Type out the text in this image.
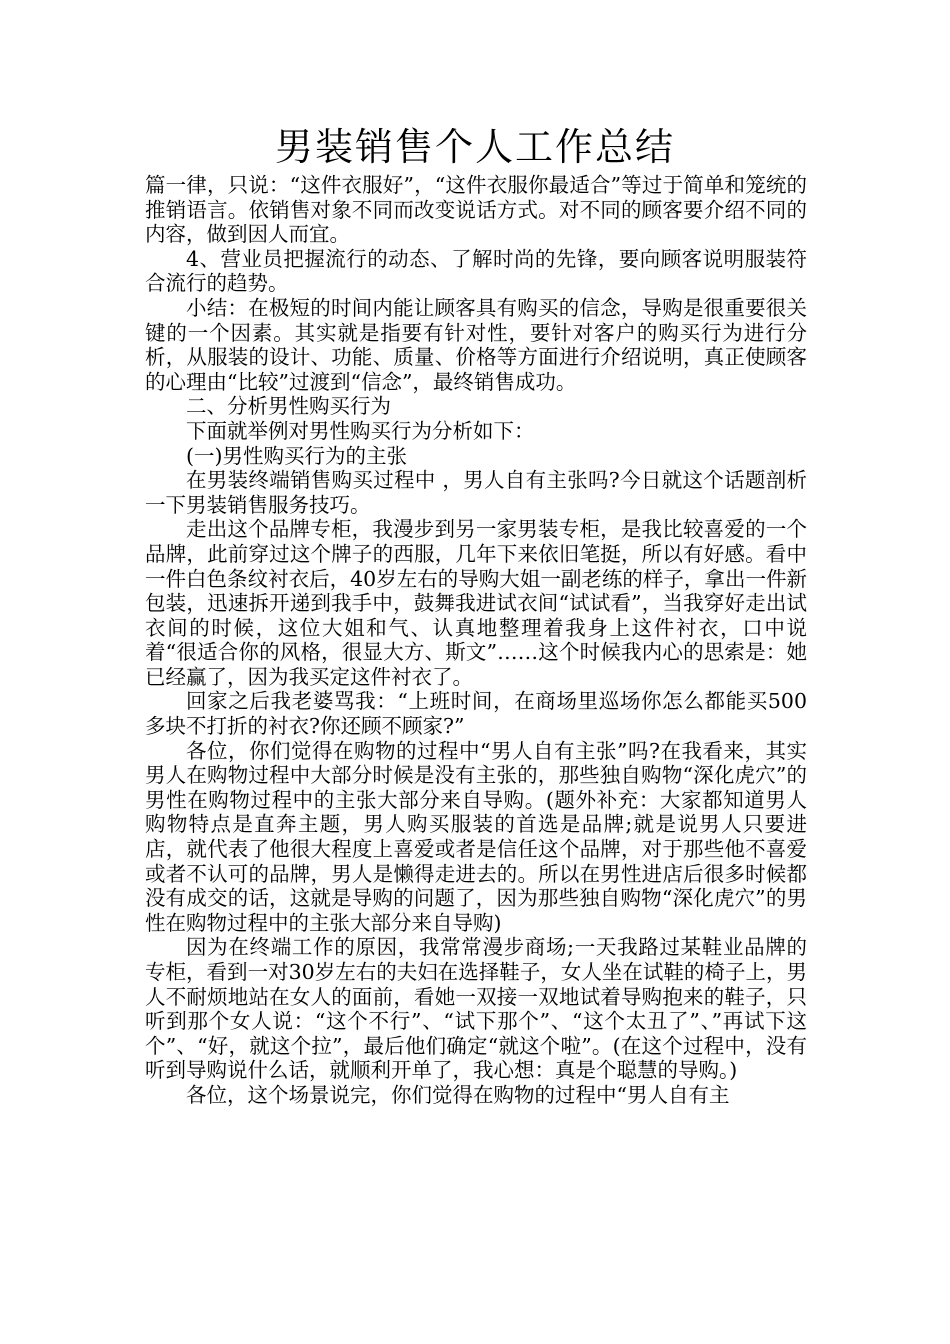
男装销售个人工作总结

篇一律，只说：“这件衣服好”，“这件衣服你最适合”等过于简单和笼统的推销语言。依销售对象不同而改变说话方式。对不同的顾客要介绍不同的内容，做到因人而宜。

4、营业员把握流行的动态、了解时尚的先锋，要向顾客说明服装符合流行的趋势。

小结：在极短的时间内能让顾客具有购买的信念，导购是很重要很关键的一个因素。其实就是指要有针对性，要针对客户的购买行为进行分析，从服装的设计、功能、质量、价格等方面进行介绍说明，真正使顾客的心理由“比较”过渡到“信念”，最终销售成功。

二、分析男性购买行为

下面就举例对男性购买行为分析如下：

(一)男性购买行为的主张

在男装终端销售购买过程中 ，男人自有主张吗?今日就这个话题剖析一下男装销售服务技巧。

走出这个品牌专柜，我漫步到另一家男装专柜，是我比较喜爱的一个品牌，此前穿过这个牌子的西服，几年下来依旧笔挺，所以有好感。看中一件白色条纹衬衣后，40岁左右的导购大姐一副老练的样子，拿出一件新包装，迅速拆开递到我手中，鼓舞我进试衣间“试试看”，当我穿好走出试衣间的时候，这位大姐和气、认真地整理着我身上这件衬衣，口中说着“很适合你的风格，很显大方、斯文”……这个时候我内心的思索是：她已经赢了，因为我买定这件衬衣了。

回家之后我老婆骂我：“上班时间，在商场里巡场你怎么都能买500多块不打折的衬衣?你还顾不顾家?”

各位，你们觉得在购物的过程中“男人自有主张”吗?在我看来，其实男人在购物过程中大部分时候是没有主张的，那些独自购物“深化虎穴”的男性在购物过程中的主张大部分来自导购。(题外补充：大家都知道男人购物特点是直奔主题，男人购买服装的首选是品牌;就是说男人只要进店，就代表了他很大程度上喜爱或者是信任这个品牌，对于那些他不喜爱或者不认可的品牌，男人是懒得走进去的。所以在男性进店后很多时候都没有成交的话，这就是导购的问题了，因为那些独自购物“深化虎穴”的男性在购物过程中的主张大部分来自导购)

因为在终端工作的原因，我常常漫步商场;一天我路过某鞋业品牌的专柜，看到一对30岁左右的夫妇在选择鞋子，女人坐在试鞋的椅子上，男人不耐烦地站在女人的面前，看她一双接一双地试着导购抱来的鞋子，只听到那个女人说：“这个不行”、“试下那个”、“这个太丑了”、”再试下这个”、“好，就这个拉”，最后他们确定“就这个啦”。(在这个过程中，没有听到导购说什么话，就顺利开单了，我心想：真是个聪慧的导购。)

各位，这个场景说完，你们觉得在购物的过程中“男人自有主
